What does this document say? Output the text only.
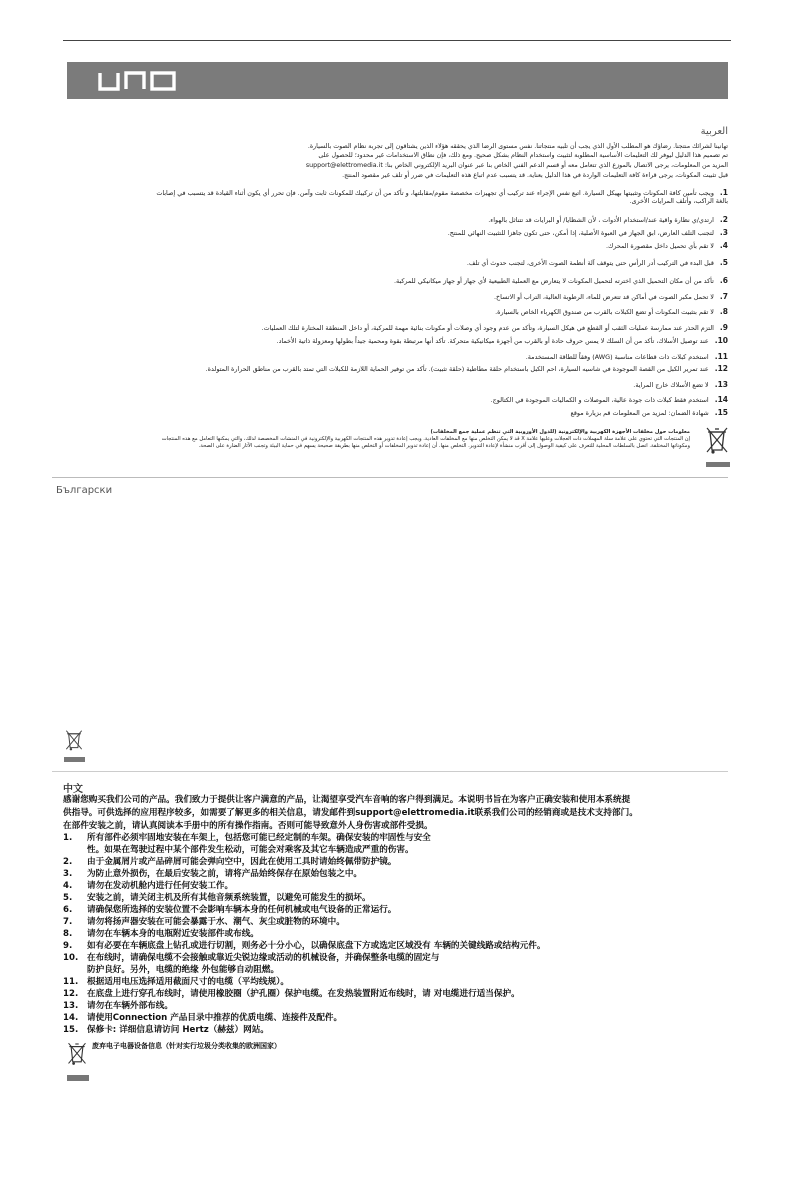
UNO
العربية
تهانينا لشرائك منتجنا. رضاؤك هو المطلب الأول الذي يجب أن تلبيه منتجاتنا. نفس مستوى الرضا الذي يحققه هؤلاء الذين يشتاقون إلى تجربة نظام الصوت بالسيارة.
تم تصميم هذا الدليل ليوفر لك التعليمات الأساسية المطلوبة لتثبيت واستخدام النظام بشكل صحيح. ومع ذلك، فإن نطاق الاستخدامات غير محدود؛ للحصول على
المزيد من المعلومات، يرجى الاتصال بالموزع الذي تتعامل معه أو قسم الدعم الفني الخاص بنا عبر عنوان البريد الإلكتروني الخاص بنا: support@elettromedia.it
قبل تثبيت المكونات، يرجى قراءة كافة التعليمات الواردة في هذا الدليل بعناية. قد يتسبب عدم اتباع هذه التعليمات في ضرر أو تلف غير مقصود المنتج.
1.ويجب تأمين كافة المكونات وتثبيتها بهيكل السيارة. اتبع نفس الإجراء عند تركيب أي تجهيزات مخصصة مقوم/مقابلتها، و تأكد من أن تركيبك للمكونات ثابت وآمن. فإن تحرر أي يكون أثناء القيادة قد يتسبب في إصابات بالغة الراكب، وأتلف المرايات الأخرى.
2.ارتدي/ي نظارة واقية عند/استخدام الأدوات ، لأن الشظايا/ أو البرايات قد تتناثل بالهواء.
3.لتجنب التلف العارض، ابق الجهاز في العبوة الأصلية، إذا أمكن، حتى تكون جاهزا للتثبيت النهائي للمنتج.
4.لا تقم بأي تحميل داخل مقصورة المحرك.
5.قبل البدء في التركيب أدر الرأس حتى يتوقف آلة أنظمة الصوت الأخرى، لتجنب حدوث أي تلف.
6.تأكد من أن مكان التحميل الذي اخترته لتحميل المكونات لا يتعارض مع العملية الطبيعية لأي جهاز أو جهاز ميكانيكي للمركبة.
7.لا تحمل مكبر الصوت في أماكن قد تتعرض للماء، الرطوبة العالية، التراب أو الاتساخ.
8.لا تقم بتثبيت المكونات أو تضع الكبلات بالقرب من صندوق الكهرباء الخاص بالسيارة.
9.التزم الحذر عند ممارسة عمليات الثقب أو القطع في هيكل السيارة، وتأكد من عدم وجود أي وصلات أو مكونات بنائية مهمة للمركبة، أو داخل المنطقة المختارة لتلك العمليات.
10.عند توصيل الأسلاك، تأكد من أن السلك لا يمس حروف حادة أو بالقرب من أجهزة ميكانيكية متحركة. تأكد أنها مرتبطة بقوة ومحمية جيداً بطولها ومعزولة ذاتية الأخماد.
11.استخدم كبلات ذات قطاعات مناسبة (AWG) وفقاً للطاقة المستخدمة.
12.عند تمرير الكبل من القصة الموجودة في شاسيه السيارة، احم الكبل باستخدام حلقة مطاطية (حلقة تثبيت). تأكد من توفير الحماية اللازمة للكبلات التي تمتد بالقرب من مناطق الحرارة المتولدة.
13.لا تضع الأسلاك خارج المراية.
14.استخدم فقط كبلات ذات جودة عالية، الموصلات و الكماليات الموجودة في الكتالوج.
15.شهادة الضمان: لمزيد من المعلومات قم بزيارة موقع
معلومات حول مخلفات الأجهزة الكهربية والإلكترونية (للدول الأوروبية التي تنظم عملية جمع المخلفات)
إن المنتجات التي تحتوي على علامة سلة المهملات ذات العجلات وعليها علامة X قد لا يمكن التخلص منها مع المخلفات العادية. ويجب إعادة تدوير هذه المنتجات الكهربية والإلكترونية في المنشآت المخصصة لذلك، والتي يمكنها التعامل مع هذه المنتجات ومكوناتها المختلفة. اتصل بالسلطات المحلية للتعرف على كيفية الوصول إلى أقرب منشأة لإعادة التدوير. التخلص منها. أن إعادة تدوير المخلفات أو التخلص منها بطريقة صحيحة يسهم في حماية البيئة وتجنب الآثار الضارة على الصحة.
Български
中文
感谢您购买我们公司的产品。我们致力于提供让客户满意的产品，让渴望享受汽车音响的客户得到满足。本说明书旨在为客户正确安装和使用本系统提
供指导。可供选择的应用程序较多，如需要了解更多的相关信息，请发邮件到support@elettromedia.it联系我们公司的经销商或是技术支持部门。
在部件安装之前，请认真阅读本手册中的所有操作指南。否则可能导致意外人身伤害或部件受损。
1. 所有部件必须牢固地安装在车架上，包括您可能已经定制的车架。确保安装的牢固性与安全
性。如果在驾驶过程中某个部件发生松动，可能会对乘客及其它车辆造成严重的伤害。
2. 由于金属屑片或产品碎屑可能会弹向空中，因此在使用工具时请始终佩带防护镜。
3. 为防止意外损伤，在最后安装之前，请将产品始终保存在原始包装之中。
4. 请勿在发动机舱内进行任何安装工作。
5. 安装之前，请关闭主机及所有其他音频系统装置，以避免可能发生的损坏。
6. 请确保您所选择的安装位置不会影响车辆本身的任何机械或电气设备的正常运行。
7. 请勿将扬声器安装在可能会暴露于水、潮气、灰尘或脏物的环境中。
8. 请勿在车辆本身的电瓶附近安装部件或布线。
9. 如有必要在车辆底盘上钻孔或进行切割，则务必十分小心，以确保底盘下方或选定区域没有 车辆的关键线路或结构元件。
10. 在布线时，请确保电缆不会接触或靠近尖锐边缘或活动的机械设备，并确保整条电缆的固定与
防护良好。另外，电缆的绝缘 外包能够自动阻燃。
11. 根据适用电压选择适用截面尺寸的电缆（平均线规）。
12. 在底盘上进行穿孔布线时，请使用橡胶圈（护孔圈）保护电缆。在发热装置附近布线时，请 对电缆进行适当保护。
13. 请勿在车辆外部布线。
14. 请使用Connection 产品目录中推荐的优质电缆、连接件及配件。
15. 保修卡: 详细信息请访问 Hertz（赫兹）网站。
废弃电子电器设备信息（针对实行垃圾分类收集的欧洲国家）
